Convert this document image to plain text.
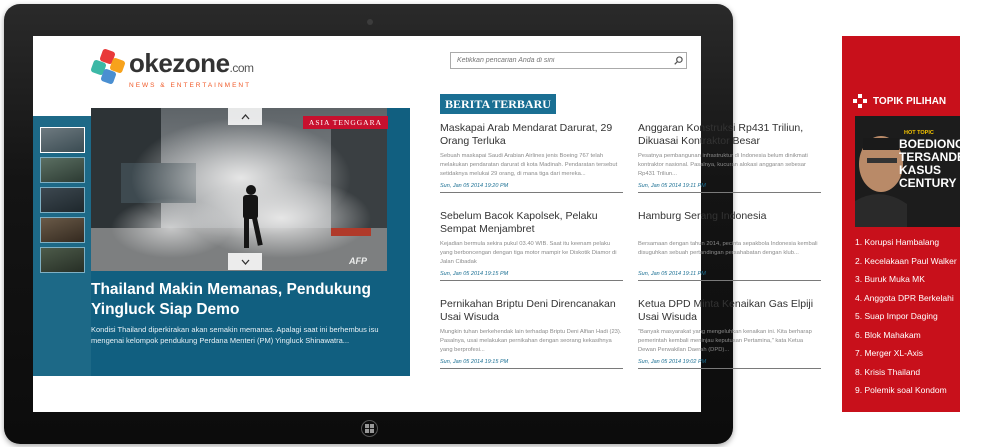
okezone.com
NEWS & ENTERTAINMENT
Ketikkan pencarian Anda di sini
ASIA TENGGARA
AFP
Thailand Makin Memanas, Pendukung Yingluck Siap Demo
Kondisi Thailand diperkirakan akan semakin memanas. Apalagi saat ini berhembus isu mengenai kelompok pendukung Perdana Menteri (PM) Yingluck Shinawatra...
BERITA TERBARU
Maskapai Arab Mendarat Darurat, 29 Orang Terluka
Sebuah maskapai Saudi Arabian Airlines jenis Boeing 767 telah melakukan pendaratan darurat di kota Madinah. Pendaratan tersebut setidaknya melukai 29 orang, di mana tiga dari mereka...
Sun, Jan 05 2014 19:20 PM
Anggaran Konstruksi Rp431 Triliun, Dikuasai Kontraktor Besar
Pesatnya pembangunan infrastruktur di Indonesia belum dinikmati kontraktor nasional. Pasalnya, kucuran alokasi anggaran sebesar Rp431 Triliun...
Sun, Jan 05 2014 19:11 PM
Sebelum Bacok Kapolsek, Pelaku Sempat Menjambret
Kejadian bermula sekira pukul 03.40 WIB. Saat itu keenam pelaku yang berboncengan dengan tiga motor mampir ke Diskotik Diamor di Jalan Cibadak
Sun, Jan 05 2014 19:15 PM
Hamburg Serang Indonesia
Bersamaan dengan tahun 2014, pecinta sepakbola Indonesia kembali disuguhkan sebuah pertandingan persahabatan dengan klub...
Sun, Jan 05 2014 19:11 PM
Pernikahan Briptu Deni Direncanakan Usai Wisuda
Mungkin tuhan berkehendak lain terhadap Briptu Deni Alfian Hadi (23). Pasalnya, usai melakukan pernikahan dengan seorang kekasihnya yang berprofesi...
Sun, Jan 05 2014 19:15 PM
Ketua DPD Minta Kenaikan Gas Elpiji Usai Wisuda
"Banyak masyarakat yang mengeluhkan kenaikan ini. Kita berharap pemerintah kembali meninjau keputusan Pertamina," kata Ketua Dewan Perwakilan Daerah (DPD)...
Sun, Jan 05 2014 19:02 PM
TOPIK PILIHAN
HOT TOPIC
BOEDIONO TERSANDERA KASUS CENTURY
1. Korupsi Hambalang
2. Kecelakaan Paul Walker
3. Buruk Muka MK
4. Anggota DPR Berkelahi
5. Suap Impor Daging
6. Blok Mahakam
7. Merger XL-Axis
8. Krisis Thailand
9. Polemik soal Kondom
